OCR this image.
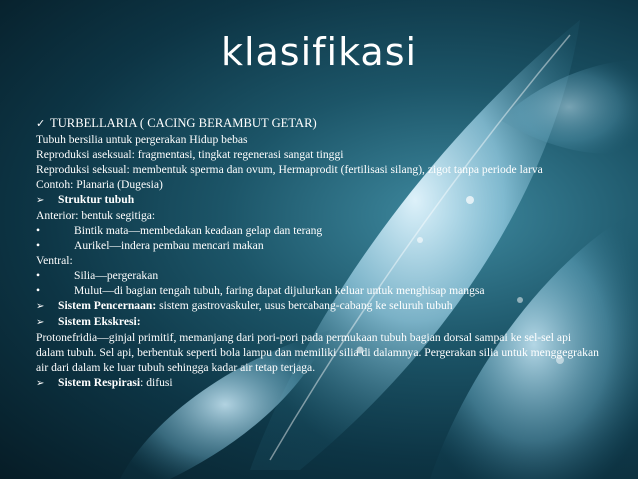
klasifikasi
✓ TURBELLARIA ( CACING BERAMBUT GETAR)
Tubuh bersilia untuk pergerakan Hidup bebas
Reproduksi aseksual: fragmentasi, tingkat regenerasi sangat tinggi
Reproduksi seksual: membentuk sperma dan ovum, Hermaprodit (fertilisasi silang), zigot tanpa periode larva
Contoh: Planaria (Dugesia)
➢ Struktur tubuh
Anterior: bentuk segitiga:
•	Bintik mata—membedakan keadaan gelap dan terang
•	Aurikel—indera pembau mencari makan
Ventral:
•	Silia—pergerakan
•	Mulut—di bagian tengah tubuh, faring dapat dijulurkan keluar untuk menghisap mangsa
➢ Sistem Pencernaan: sistem gastrovaskuler, usus bercabang-cabang ke seluruh tubuh
➢ Sistem Ekskresi:
Protonefridia—ginjal primitif, memanjang dari pori-pori pada permukaan tubuh bagian dorsal sampai ke sel-sel api dalam tubuh. Sel api, berbentuk seperti bola lampu dan memiliki silia di dalamnya. Pergerakan silia untuk menggegrakan air dari dalam ke luar tubuh sehingga kadar air tetap terjaga.
➢ Sistem Respirasi: difusi
